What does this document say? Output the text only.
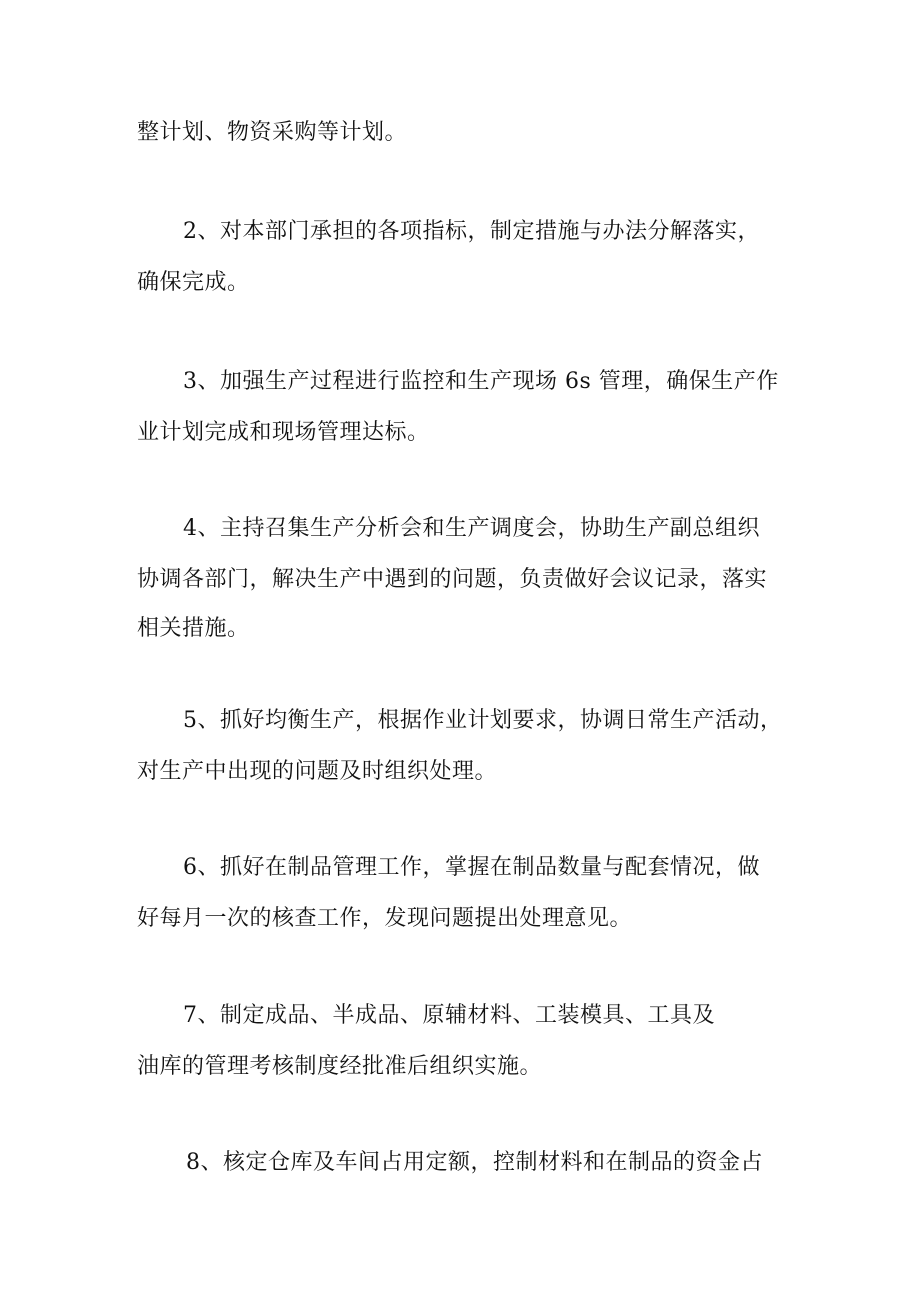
整计划、物资采购等计划。
2、对本部门承担的各项指标，制定措施与办法分解落实，
确保完成。
3、加强生产过程进行监控和生产现场 6s 管理，确保生产作
业计划完成和现场管理达标。
4、主持召集生产分析会和生产调度会，协助生产副总组织
协调各部门，解决生产中遇到的问题，负责做好会议记录，落实
相关措施。
5、抓好均衡生产，根据作业计划要求，协调日常生产活动，
对生产中出现的问题及时组织处理。
6、抓好在制品管理工作，掌握在制品数量与配套情况，做
好每月一次的核查工作，发现问题提出处理意见。
7、制定成品、半成品、原辅材料、工装模具、工具及
油库的管理考核制度经批准后组织实施。
8、核定仓库及车间占用定额，控制材料和在制品的资金占
